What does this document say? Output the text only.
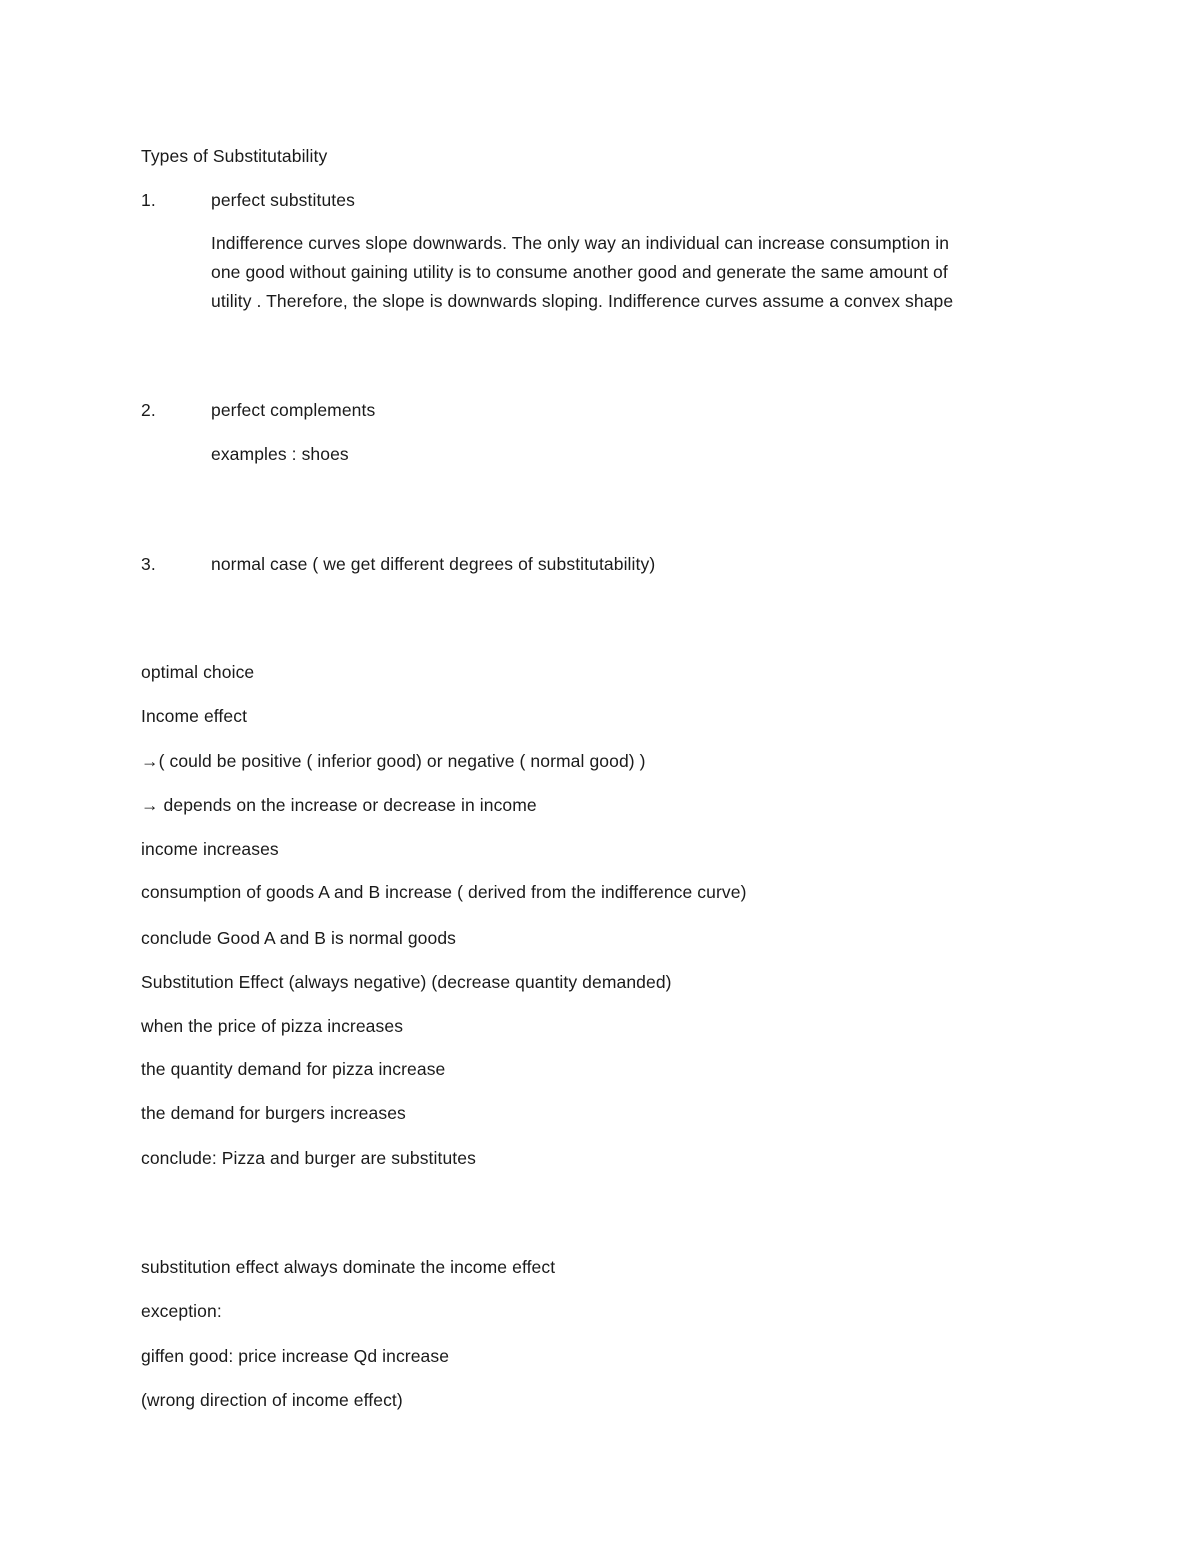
Types of Substitutability
1.	perfect substitutes
Indifference curves slope downwards. The only way an individual can increase consumption in
one good without gaining utility is to consume another good and generate the same amount of
utility . Therefore, the slope is downwards sloping. Indifference curves assume a convex shape
2.	perfect complements
examples : shoes
3.	normal case ( we get different degrees of substitutability)
optimal choice
Income effect
→( could be positive ( inferior good) or negative ( normal good) )
→ depends on the increase or decrease in income
income increases
consumption of goods A and B increase ( derived from the indifference curve)
conclude Good A and B is normal goods
Substitution Effect (always negative) (decrease quantity demanded)
when the price of pizza increases
the quantity demand for pizza increase
the demand for burgers increases
conclude: Pizza and burger are substitutes
substitution effect always dominate the income effect
exception:
giffen good: price increase Qd increase
(wrong direction of income effect)
